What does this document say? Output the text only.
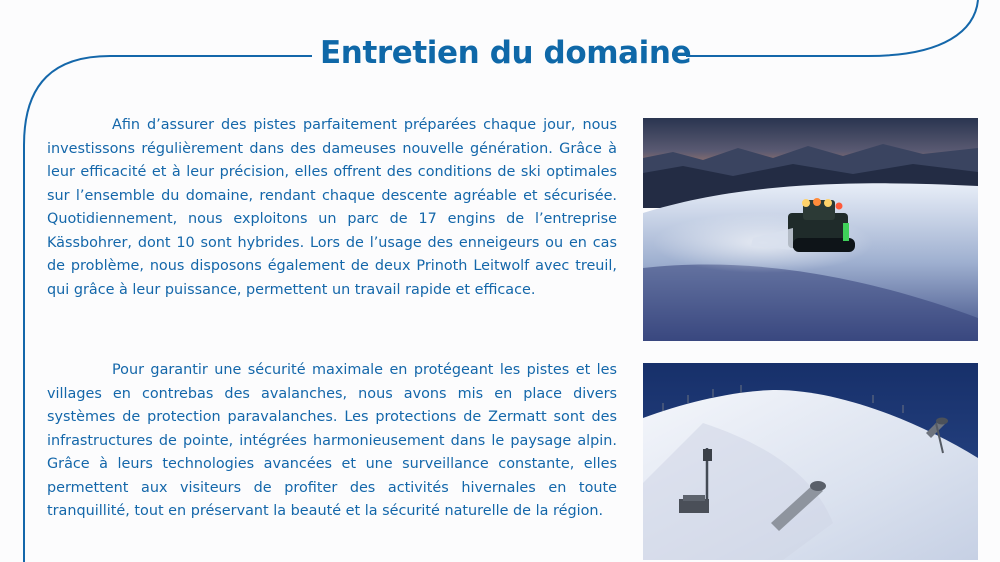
Entretien du domaine

Afin d’assurer des pistes parfaitement préparées chaque jour, nous investissons régulièrement dans des dameuses nouvelle génération. Grâce à leur efficacité et à leur précision, elles offrent des conditions de ski optimales sur l’ensemble du domaine, rendant chaque descente agréable et sécurisée. Quotidiennement, nous exploitons un parc de 17 engins de l’entreprise Kässbohrer, dont 10 sont hybrides. Lors de l’usage des enneigeurs ou en cas de problème, nous disposons également de deux Prinoth Leitwolf avec treuil, qui grâce à leur puissance, permettent un travail rapide et efficace.

Pour garantir une sécurité maximale en protégeant les pistes et les villages en contrebas des avalanches, nous avons mis en place divers systèmes de protection paravalanches. Les protections de Zermatt sont des infrastructures de pointe, intégrées harmonieusement dans le paysage alpin. Grâce à leurs technologies avancées et une surveillance constante, elles permettent aux visiteurs de profiter des activités hivernales en toute tranquillité, tout en préservant la beauté et la sécurité naturelle de la région.
